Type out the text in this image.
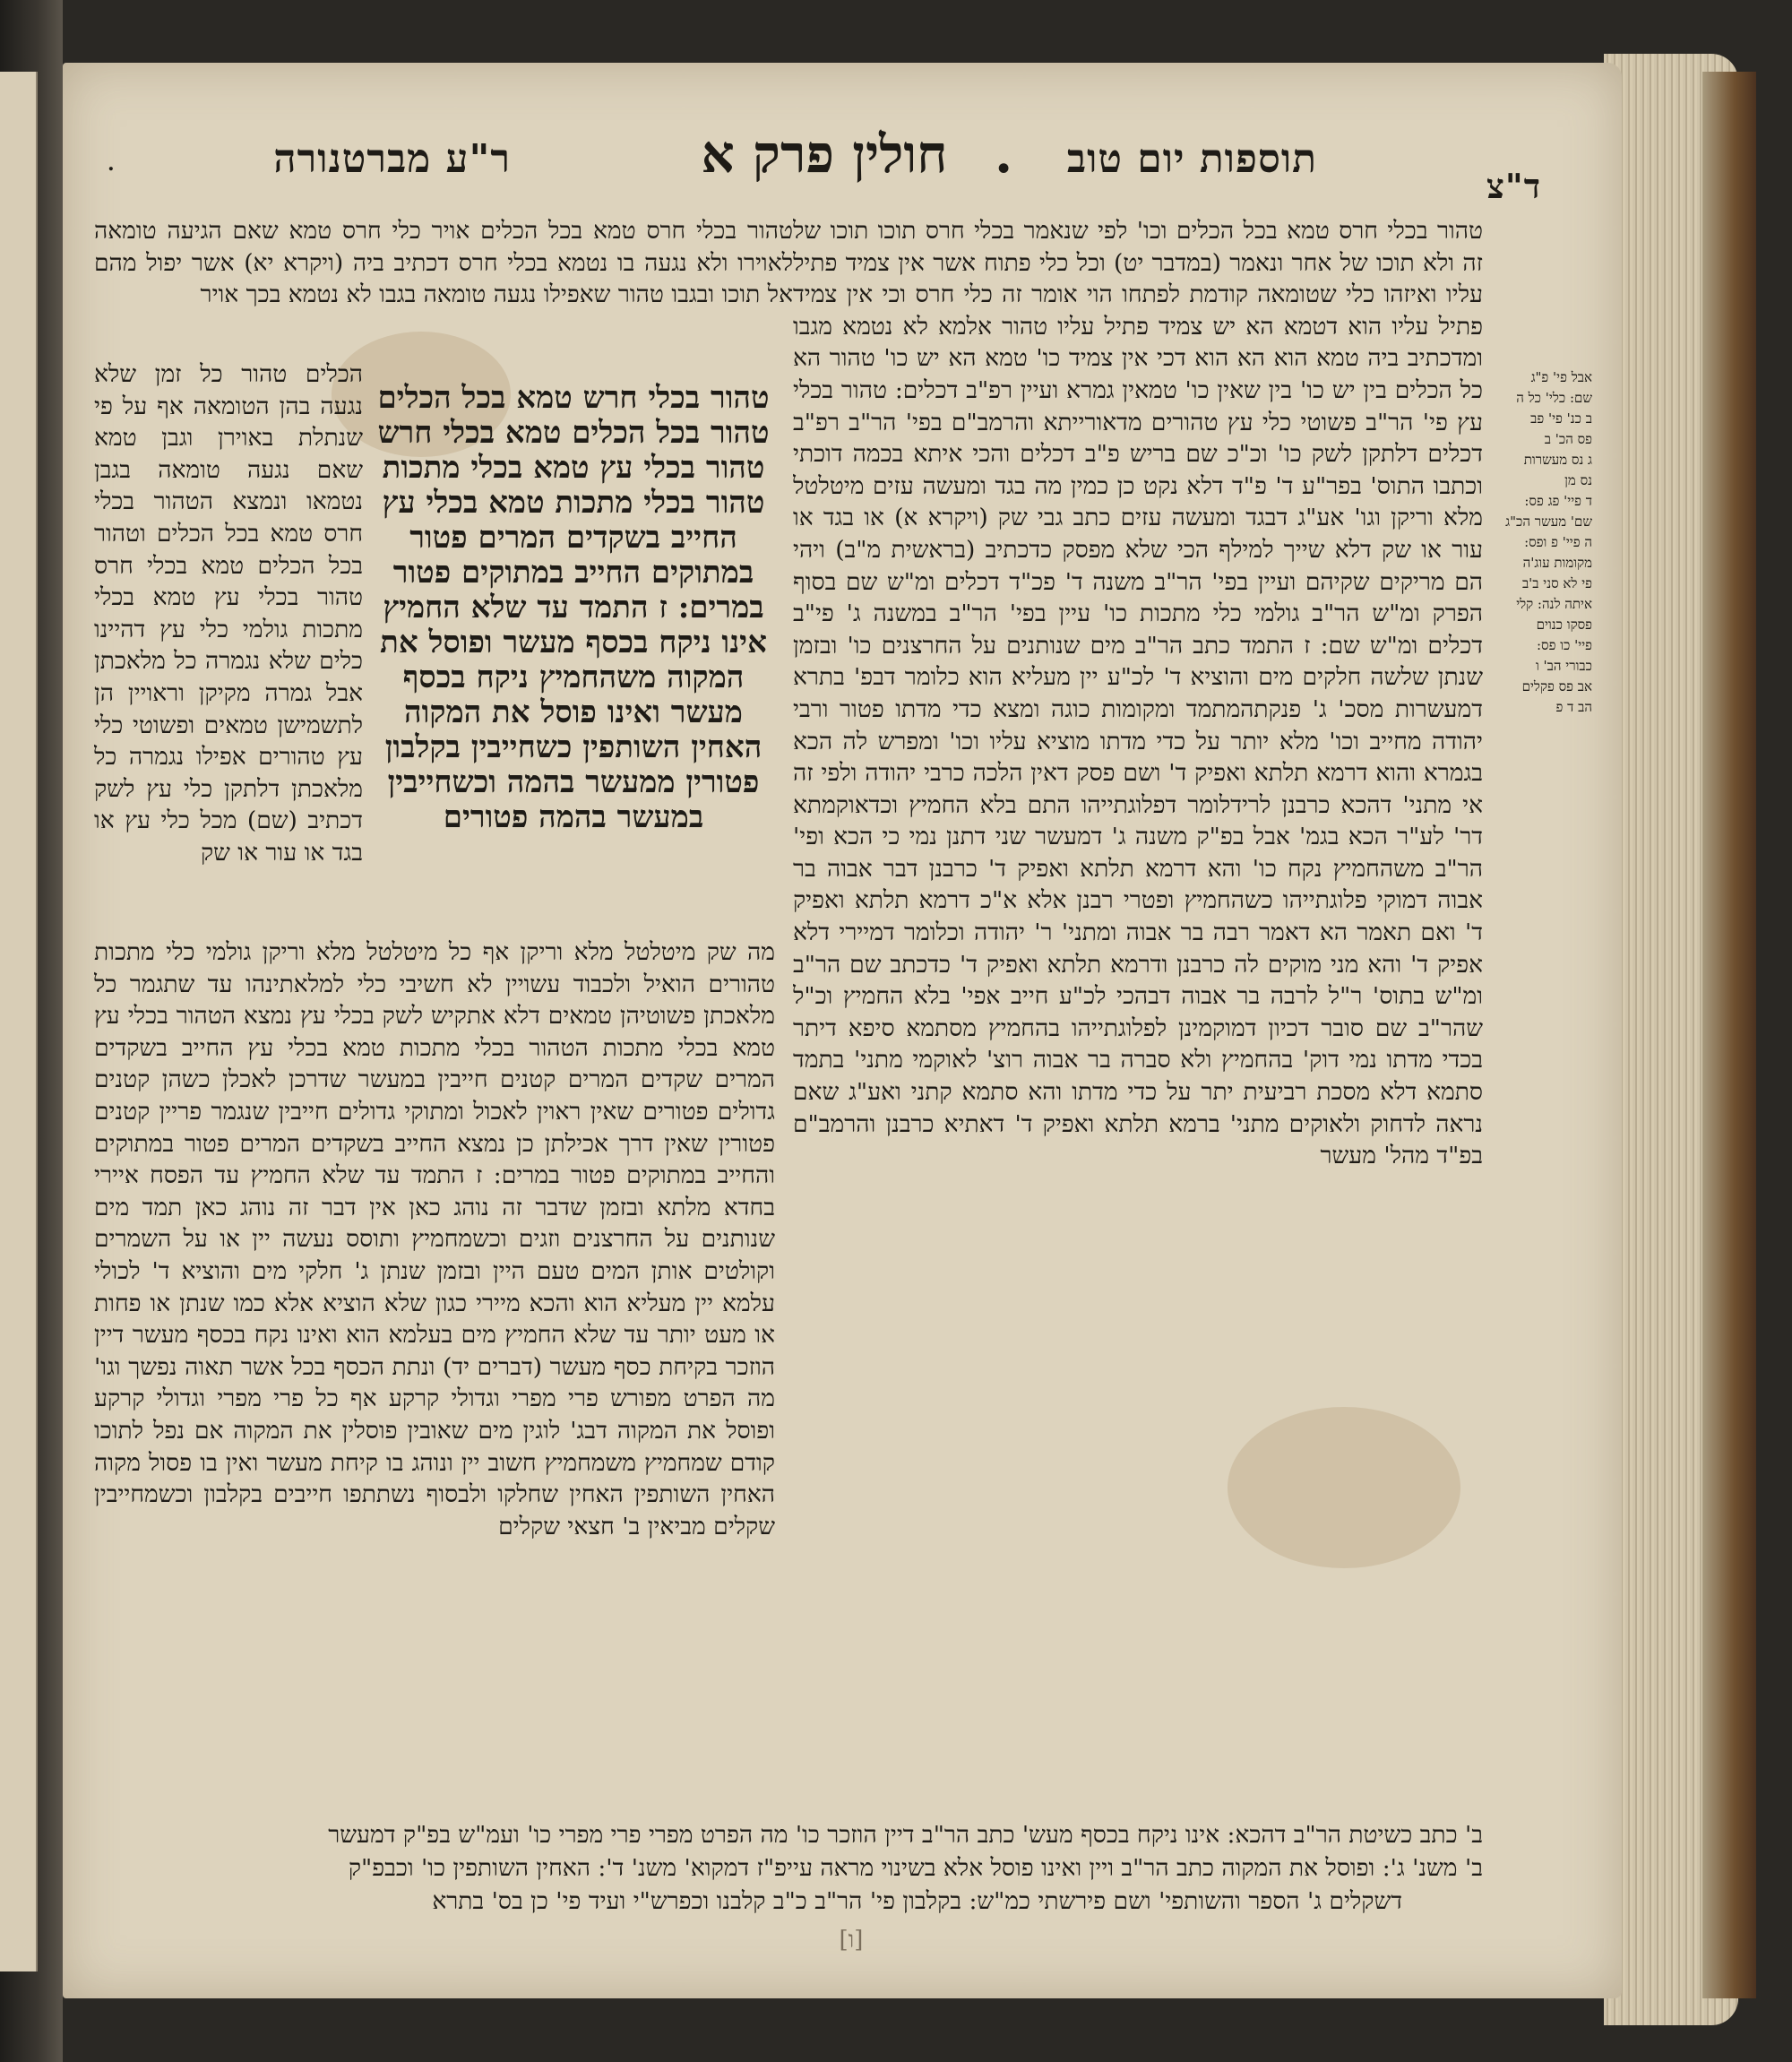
ר"ע מברטנורה	חולין פרק א .	תוספות יום טוב
ד"צ
.
טהור בכלי חרס טמא בכל הכלים אויר כלי חרס טמא שאם הגיעה טומאה לאוירו ולא נגעה בו נטמא בכלי חרס דכתיב ביה (ויקרא יא) אשר יפול מהם אל תוכו ובגבו טהור שאפילו נגעה טומאה בגבו לא נטמא בכך אויר
הכלים טהור כל זמן שלא נגעה בהן הטומאה אף על פי שנתלת באוירן וגבן טמא שאם נגעה טומאה בגבן נטמאו ונמצא הטהור בכלי חרס טמא בכל הכלים וטהור בכל הכלים טמא בכלי חרס טהור בכלי עץ טמא בכלי מתכות גולמי כלי עץ דהיינו כלים שלא נגמרה כל מלאכתן אבל גמרה מקיקן וראויין הן לתשמישן טמאים ופשוטי כלי עץ טהורים אפילו נגמרה כל מלאכתן דלתקן כלי עץ לשק דכתיב (שם) מכל כלי עץ או בגד או עור או שק
טהור בכלי חרש טמא בכל הכלים טהור בכל הכלים טמא בכלי חרש טהור בכלי עץ טמא בכלי מתכות טהור בכלי מתכות טמא בכלי עץ החייב בשקדים המרים פטור במתוקים החייב במתוקים פטור במרים: ז התמד עד שלא החמיץ אינו ניקח בכסף מעשר ופוסל את המקוה משהחמיץ ניקח בכסף מעשר ואינו פוסל את המקוה האחין השותפין כשחייבין בקלבון פטורין ממעשר בהמה וכשחייבין במעשר בהמה פטורים
מה שק מיטלטל מלא וריקן אף כל מיטלטל מלא וריקן גולמי כלי מתכות טהורים הואיל ולכבוד עשויין לא חשיבי כלי למלאתינהו עד שתגמר כל מלאכתן פשוטיהן טמאים דלא אתקיש לשק בכלי עץ נמצא הטהור בכלי עץ טמא בכלי מתכות הטהור בכלי מתכות טמא בכלי עץ החייב בשקדים המרים שקדים המרים קטנים חייבין במעשר שדרכן לאכלן כשהן קטנים גדולים פטורים שאין ראוין לאכול ומתוקי גדולים חייבין שנגמר פריין קטנים פטורין שאין דרך אכילתן כן נמצא החייב בשקדים המרים פטור במתוקים והחייב במתוקים פטור במרים: ז התמד עד שלא החמיץ עד הפסח איירי בחדא מלתא ובזמן שדבר זה נוהג כאן אין דבר זה נוהג כאן תמד מים שנותנים על החרצנים וזגים וכשמחמיץ ותוסס נעשה יין או על השמרים וקולטים אותן המים טעם היין ובזמן שנתן ג' חלקי מים והוציא ד' לכולי עלמא יין מעליא הוא והכא מיירי כגון שלא הוציא אלא כמו שנתן או פחות או מעט יותר עד שלא החמיץ מים בעלמא הוא ואינו נקח בכסף מעשר דיין הוזכר בקיחת כסף מעשר (דברים יד) ונתת הכסף בכל אשר תאוה נפשך וגו' מה הפרט מפורש פרי מפרי וגדולי קרקע אף כל פרי מפרי וגדולי קרקע ופוסל את המקוה דבג' לוגין מים שאובין פוסלין את המקוה אם נפל לתוכו קודם שמחמיץ משמחמיץ חשוב יין ונוהג בו קיחת מעשר ואין בו פסול מקוה האחין השותפין האחין שחלקו ולבסוף נשתתפו חייבים בקלבון וכשמחייבין שקלים מביאין ב' חצאי שקלים
טהור בכלי חרס טמא בכל הכלים וכו' לפי שנאמר בכלי חרס תוכו תוכו של זה ולא תוכו של אחר ונאמר (במדבר יט) וכל כלי פתוח אשר אין צמיד פתיל עליו ואיזהו כלי שטומאה קודמת לפתחו הוי אומר זה כלי חרס וכי אין צמיד פתיל עליו הוא דטמא הא יש צמיד פתיל עליו טהור אלמא לא נטמא מגבו ומדכתיב ביה טמא הוא הא הוא דכי אין צמיד כו' טמא הא יש כו' טהור הא כל הכלים בין יש כו' בין שאין כו' טמאין גמרא ועיין רפ"ב דכלים: טהור בכלי עץ פי' הר"ב פשוטי כלי עץ טהורים מדאורייתא והרמב"ם בפי' הר"ב רפ"ב דכלים דלתקן לשק כו' וכ"כ שם בריש פ"ב דכלים והכי איתא בכמה דוכתי וכתבו התוס' בפר"ע ד' פ"ד דלא נקט כן כמין מה בגד ומעשה עזים מיטלטל מלא וריקן וגו' אע"ג דבגד ומעשה עזים כתב גבי שק (ויקרא א) או בגד או עור או שק דלא שייך למילף הכי שלא מפסק כדכתיב (בראשית מ"ב) ויהי הם מריקים שקיהם ועיין בפי' הר"ב משנה ד' פכ"ד דכלים ומ"ש שם בסוף הפרק ומ"ש הר"ב גולמי כלי מתכות כו' עיין בפי' הר"ב במשנה ג' פי"ב דכלים ומ"ש שם: ז התמד כתב הר"ב מים שנותנים על החרצנים כו' ובזמן שנתן שלשה חלקים מים והוציא ד' לכ"ע יין מעליא הוא כלומר דבפ' בתרא דמעשרות מסכ' ג' פנקתהמתמד ומקומות כוגה ומצא כדי מדתו פטור ורבי יהודה מחייב וכו' מלא יותר על כדי מדתו מוציא עליו וכו' ומפרש לה הכא בגמרא והוא דרמא תלתא ואפיק ד' ושם פסק דאין הלכה כרבי יהודה ולפי זה אי מתני' דהכא כרבנן לרידלומר דפלוגתייהו התם בלא החמיץ וכדאוקמתא דר' לע"ר הכא בגמ' אבל בפ"ק משנה ג' דמעשר שני דתנן נמי כי הכא ופי' הר"ב משהחמיץ נקח כו' והא דרמא תלתא ואפיק ד' כרבנן דבר אבוה בר אבוה דמוקי פלוגתייהו כשהחמיץ ופטרי רבנן אלא א"כ דרמא תלתא ואפיק ד' ואם תאמר הא דאמר רבה בר אבוה ומתני' ר' יהודה וכלומר דמיירי דלא אפיק ד' והא מני מוקים לה כרבנן ודרמא תלתא ואפיק ד' כדכתב שם הר"ב ומ"ש בתוס' ר"ל לרבה בר אבוה דבהכי לכ"ע חייב אפי' בלא החמיץ וכ"ל שהר"ב שם סובר דכיון דמוקמינן לפלוגתייהו בהחמיץ מסתמא סיפא דיתר בכדי מדתו נמי דוק' בהחמיץ ולא סברה בר אבוה רוצ' לאוקמי מתני' בתמד סתמא דלא מסכת רביעית יתר על כדי מדתו והא סתמא קתני ואע"ג שאם נראה לדחוק ולאוקים מתני' ברמא תלתא ואפיק ד' דאתיא כרבנן והרמב"ם בפ"ד מהל' מעשר
אבל פי' פ"ג
שם: כלי' כל ה
ב כנ' פי' פב
פס הכ' ב
ג נס מעשרות
נס מן
ד פיי' פג פס:
שם' מעשר הכ"ג
ה פיי' פ ופס:
מקומות עוג'ה
פי לא סני ב'ב
איתה לנה: קלי
פסקו כנוים
פיי' כו פס:
כבורי הב' ו
אב פס פקלים
הב ד פ
ב' כתב כשיטת הר"ב דהכא: אינו ניקח בכסף מעש' כתב הר"ב דיין הוזכר כו' מה הפרט מפרי פרי מפרי כו' ועמ"ש בפ"ק דמעשר
ב' משנ' ג': ופוסל את המקוה כתב הר"ב ויין ואינו פוסל אלא בשינוי מראה עייפ"ז דמקוא' משנ' ד': האחין השותפין כו' וכבפ"ק
דשקלים ג' הספר והשותפי' ושם פירשתי כמ"ש: בקלבון פי' הר"ב כ"ב קלבנו וכפרש"י ועיד פי' כן בס' בתרא
[ו]
